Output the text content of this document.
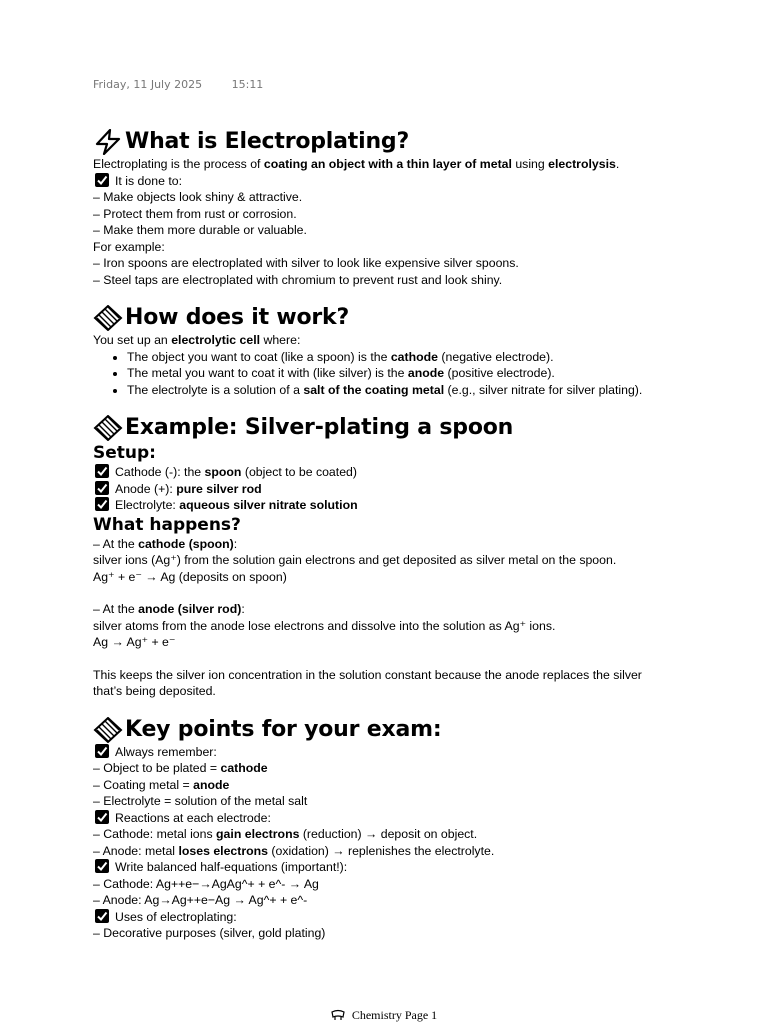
Friday, 11 July 2025	15:11
What is Electroplating?
Electroplating is the process of coating an object with a thin layer of metal using electrolysis.
It is done to:
– Make objects look shiny & attractive.
– Protect them from rust or corrosion.
– Make them more durable or valuable.
For example:
– Iron spoons are electroplated with silver to look like expensive silver spoons.
– Steel taps are electroplated with chromium to prevent rust and look shiny.
How does it work?
You set up an electrolytic cell where:
• The object you want to coat (like a spoon) is the cathode (negative electrode).
• The metal you want to coat it with (like silver) is the anode (positive electrode).
• The electrolyte is a solution of a salt of the coating metal (e.g., silver nitrate for silver plating).
Example: Silver-plating a spoon
Setup:
Cathode (-): the spoon (object to be coated)
Anode (+): pure silver rod
Electrolyte: aqueous silver nitrate solution
What happens?
– At the cathode (spoon):
silver ions (Ag⁺) from the solution gain electrons and get deposited as silver metal on the spoon.
Ag⁺ + e⁻ → Ag (deposits on spoon)
– At the anode (silver rod):
silver atoms from the anode lose electrons and dissolve into the solution as Ag⁺ ions.
Ag → Ag⁺ + e⁻
This keeps the silver ion concentration in the solution constant because the anode replaces the silver
that’s being deposited.
Key points for your exam:
Always remember:
– Object to be plated = cathode
– Coating metal = anode
– Electrolyte = solution of the metal salt
Reactions at each electrode:
– Cathode: metal ions gain electrons (reduction) → deposit on object.
– Anode: metal loses electrons (oxidation) → replenishes the electrolyte.
Write balanced half-equations (important!):
– Cathode: Ag++e−→AgAg^+ + e^- → Ag
– Anode: Ag→Ag++e−Ag → Ag^+ + e^-
Uses of electroplating:
– Decorative purposes (silver, gold plating)
Chemistry Page 1
